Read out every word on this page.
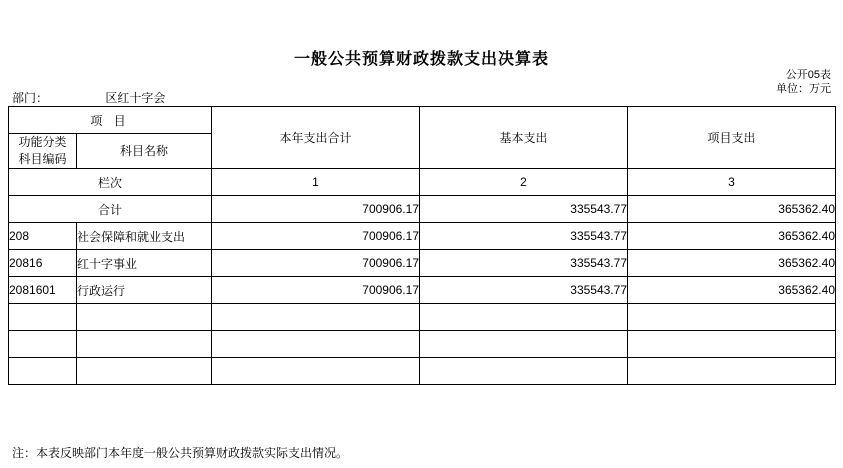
一般公共预算财政拨款支出决算表
公开05表
单位：万元
部门：	区红十字会
项 目		本年支出合计	基本支出	项目支出

功能分类
科目编码	科目名称			
栏次		1	2	3
合计		700906.17	335543.77	365362.40
208	社会保障和就业支出	700906.17	335543.77	365362.40
20816	红十字事业	700906.17	335543.77	365362.40
2081601	行政运行	700906.17	335543.77	365362.40

注：本表反映部门本年度一般公共预算财政拨款实际支出情况。
